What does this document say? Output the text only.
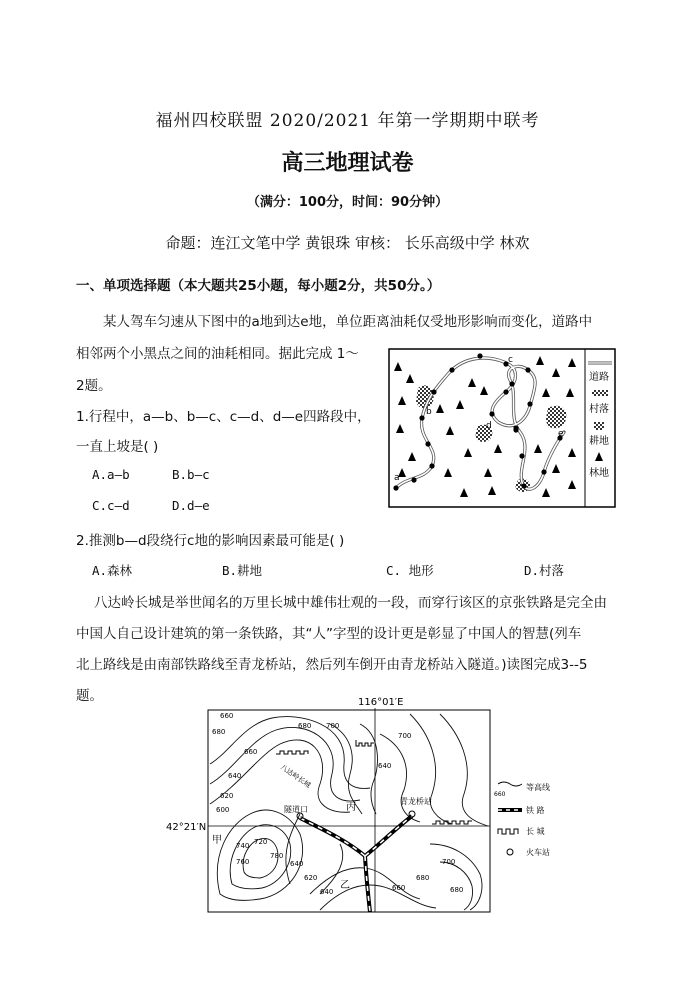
福州四校联盟 2020/2021 年第一学期期中联考
高三地理试卷
（满分：100分，时间：90分钟）
命题：连江文笔中学 黄银珠 审核： 长乐高级中学 林欢
一、单项选择题（本大题共25小题，每小题2分，共50分。）
某人驾车匀速从下图中的a地到达e地，单位距离油耗仅受地形影响而变化，道路中
相邻两个小黑点之间的油耗相同。据此完成 1～
2题。
1.行程中，a—b、b—c、c—d、d—e四路段中，
一直上坡是( )
A.a—b	B.b—c
C.c—d	D.d—e
2.推测b—d段绕行c地的影响因素最可能是( )
A.森林	B.耕地	C. 地形	D.村落
八达岭长城是举世闻名的万里长城中雄伟壮观的一段，而穿行该区的京张铁路是完全由
中国人自己设计建筑的第一条铁路，其“人”字型的设计更是彰显了中国人的智慧(列车
北上路线是由南部铁路线至青龙桥站，然后列车倒开由青龙桥站入隧道。)读图完成3--5
题。
a
b
c
d
e
道路
村落
耕地
林地
116°01′E
42°21′N
甲
乙
丙
隧道口
青龙桥站
八达岭长城
700
680
660
640
620
600
680
660
640
700
720
740
760
780
640
620
640	660
680
700
680
660
等高线
铁 路
长 城
火车站
